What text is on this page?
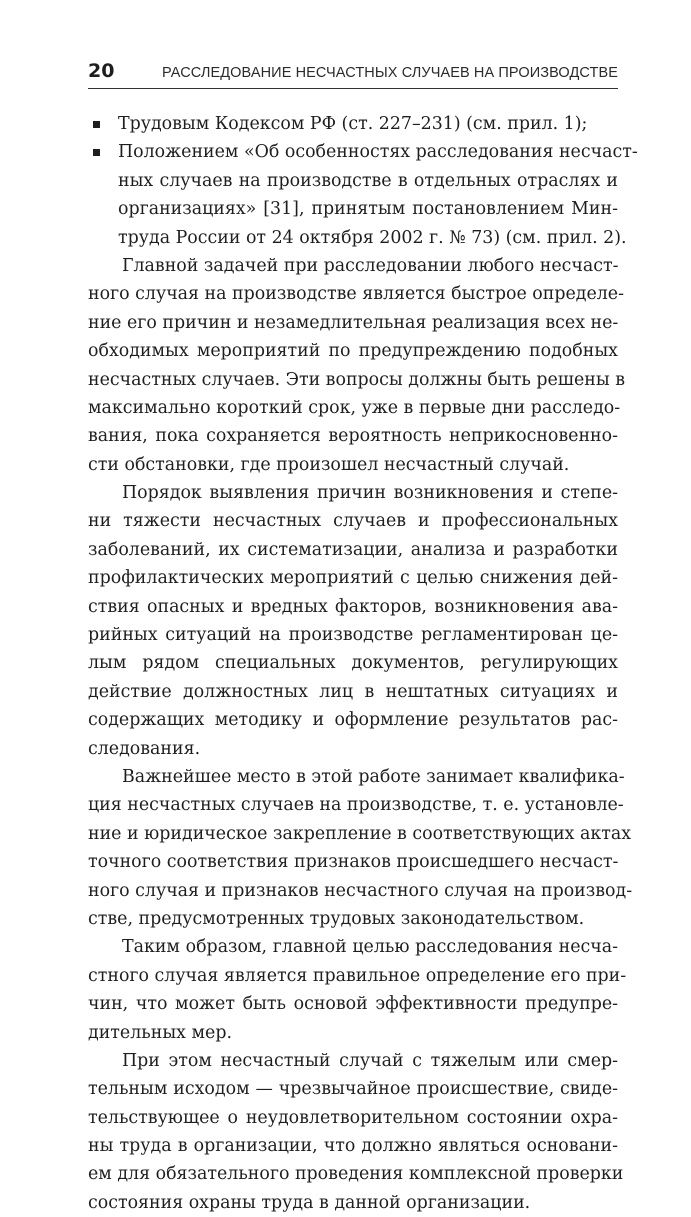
20	РАССЛЕДОВАНИЕ НЕСЧАСТНЫХ СЛУЧАЕВ НА ПРОИЗВОДСТВЕ
Трудовым Кодексом РФ (ст. 227–231) (см. прил. 1);
Положением «Об особенностях расследования несчаст-
ных случаев на производстве в отдельных отраслях и
организациях» [31], принятым постановлением Мин-
труда России от 24 октября 2002 г. № 73) (см. прил. 2).
Главной задачей при расследовании любого несчаст-
ного случая на производстве является быстрое определе-
ние его причин и незамедлительная реализация всех не-
обходимых мероприятий по предупреждению подобных
несчастных случаев. Эти вопросы должны быть решены в
максимально короткий срок, уже в первые дни расследо-
вания, пока сохраняется вероятность неприкосновенно-
сти обстановки, где произошел несчастный случай.
Порядок выявления причин возникновения и степе-
ни тяжести несчастных случаев и профессиональных
заболеваний, их систематизации, анализа и разработки
профилактических мероприятий с целью снижения дей-
ствия опасных и вредных факторов, возникновения ава-
рийных ситуаций на производстве регламентирован це-
лым рядом специальных документов, регулирующих
действие должностных лиц в нештатных ситуациях и
содержащих методику и оформление результатов рас-
следования.
Важнейшее место в этой работе занимает квалифика-
ция несчастных случаев на производстве, т. е. установле-
ние и юридическое закрепление в соответствующих актах
точного соответствия признаков происшедшего несчаст-
ного случая и признаков несчастного случая на производ-
стве, предусмотренных трудовых законодательством.
Таким образом, главной целью расследования несча-
стного случая является правильное определение его при-
чин, что может быть основой эффективности предупре-
дительных мер.
При этом несчастный случай с тяжелым или смер-
тельным исходом — чрезвычайное происшествие, свиде-
тельствующее о неудовлетворительном состоянии охра-
ны труда в организации, что должно являться основани-
ем для обязательного проведения комплексной проверки
состояния охраны труда в данной организации.
